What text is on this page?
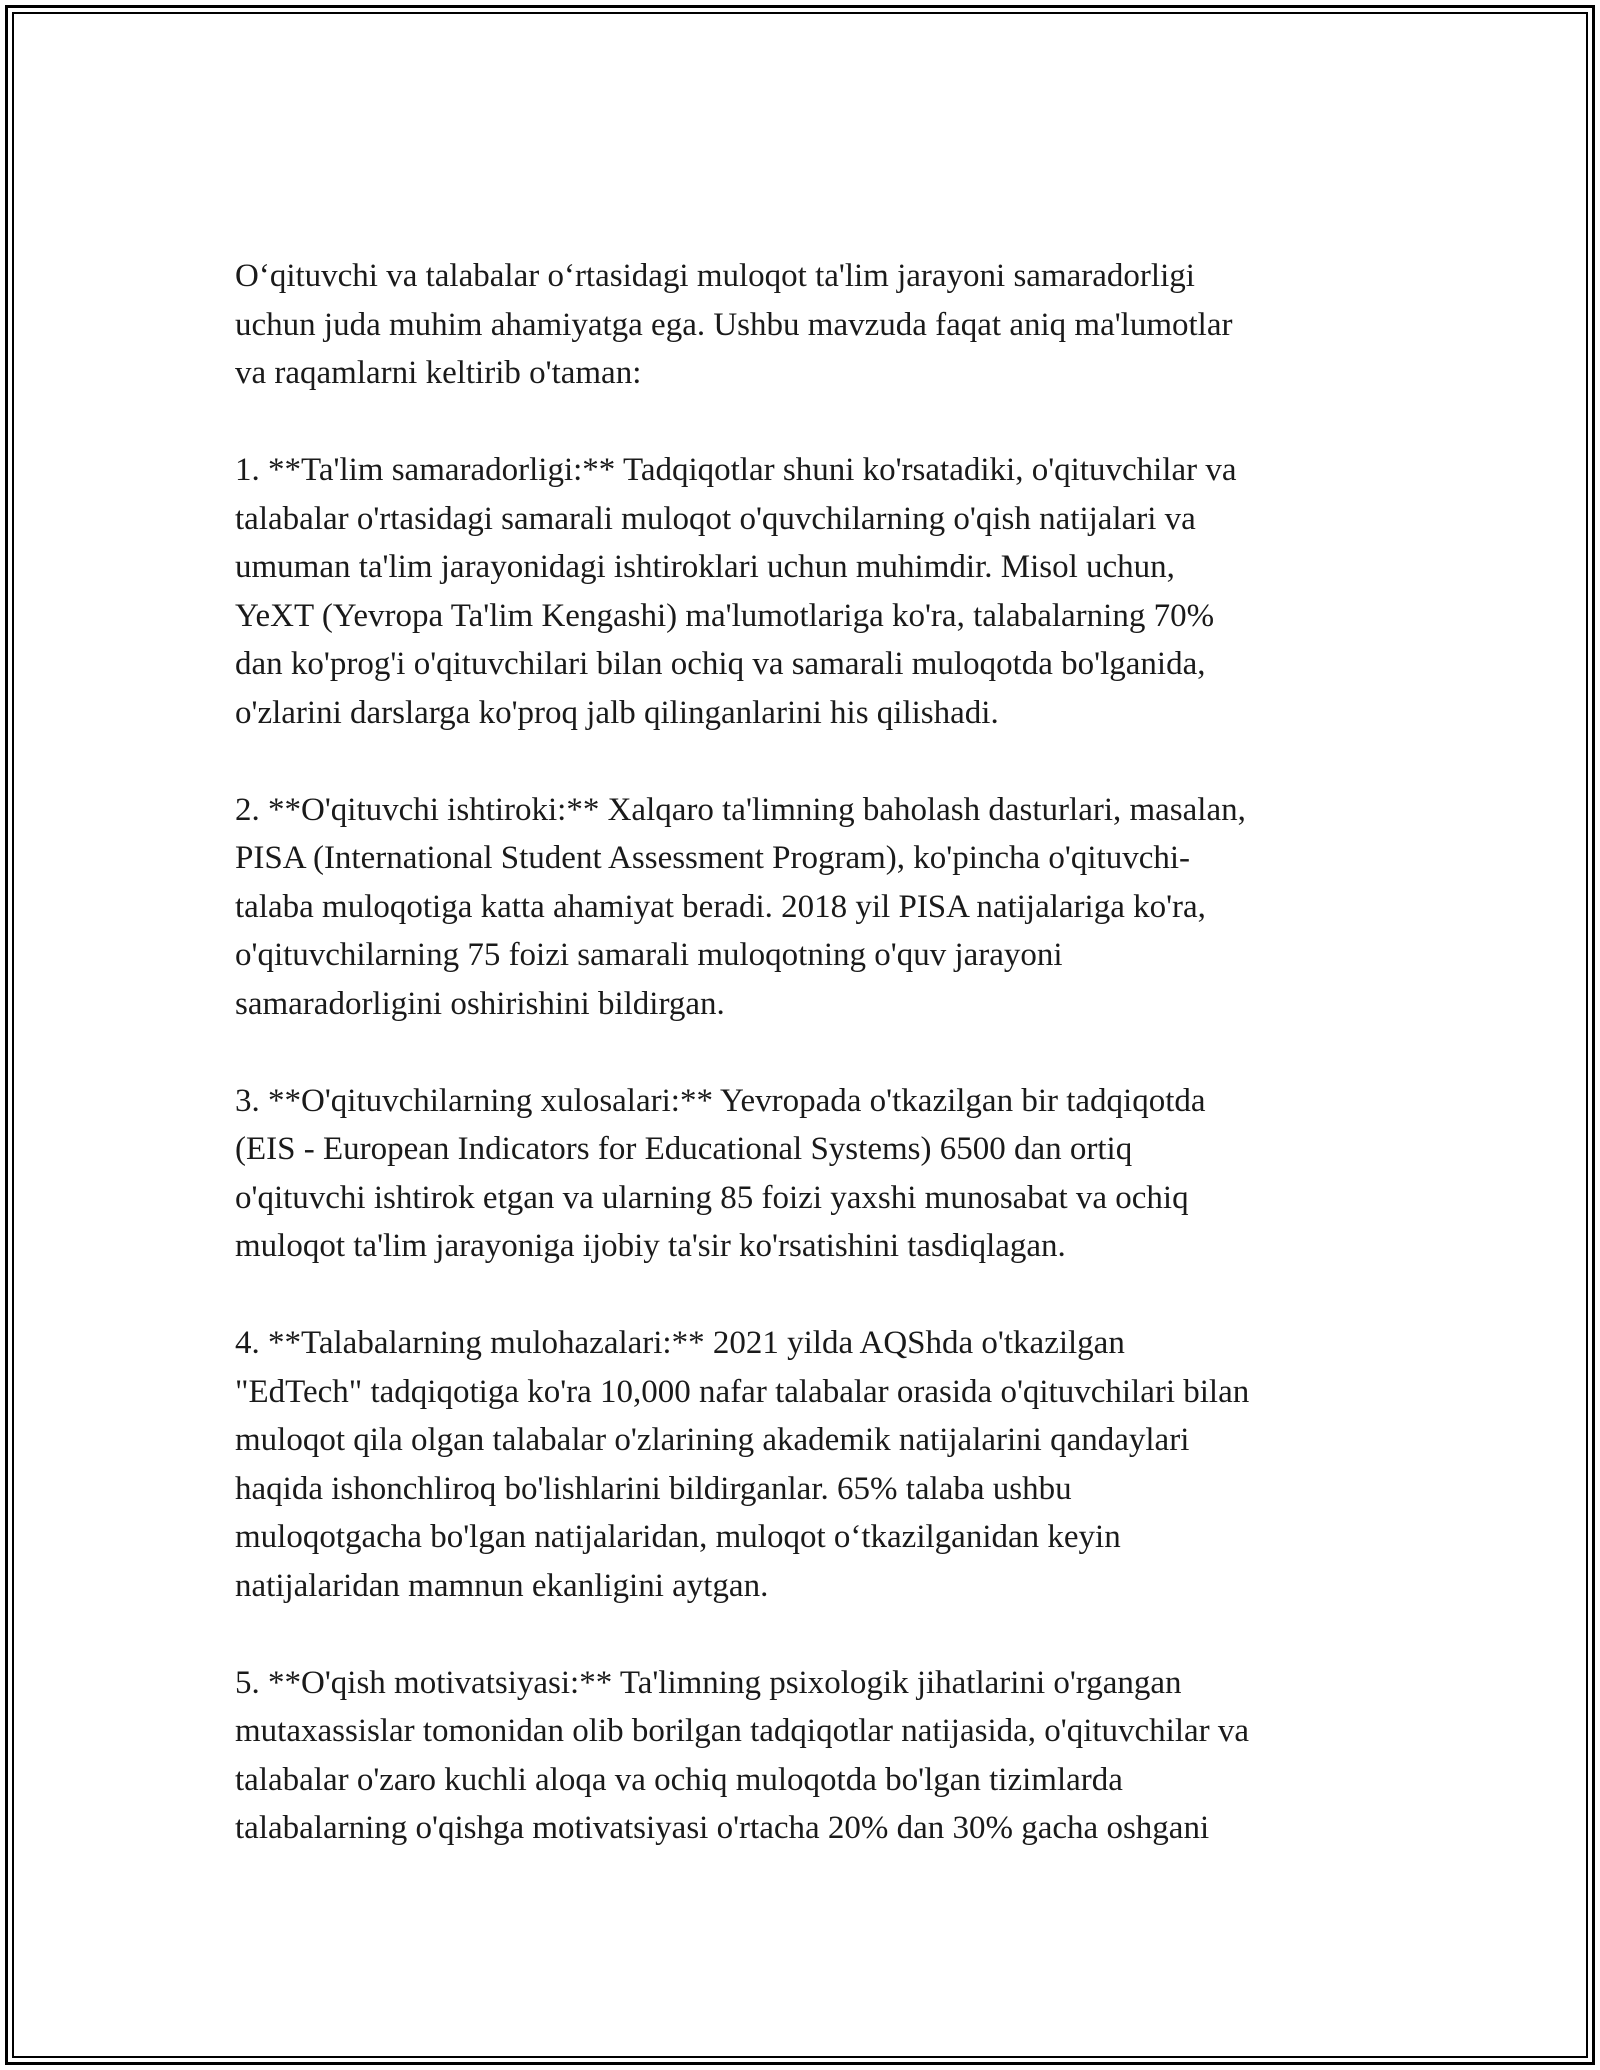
O‘qituvchi va talabalar o‘rtasidagi muloqot ta'lim jarayoni samaradorligi
uchun juda muhim ahamiyatga ega. Ushbu mavzuda faqat aniq ma'lumotlar
va raqamlarni keltirib o'taman:

1. **Ta'lim samaradorligi:** Tadqiqotlar shuni ko'rsatadiki, o'qituvchilar va
talabalar o'rtasidagi samarali muloqot o'quvchilarning o'qish natijalari va
umuman ta'lim jarayonidagi ishtiroklari uchun muhimdir. Misol uchun,
YeXT (Yevropa Ta'lim Kengashi) ma'lumotlariga ko'ra, talabalarning 70%
dan ko'prog'i o'qituvchilari bilan ochiq va samarali muloqotda bo'lganida,
o'zlarini darslarga ko'proq jalb qilinganlarini his qilishadi.

2. **O'qituvchi ishtiroki:** Xalqaro ta'limning baholash dasturlari, masalan,
PISA (International Student Assessment Program), ko'pincha o'qituvchi-
talaba muloqotiga katta ahamiyat beradi. 2018 yil PISA natijalariga ko'ra,
o'qituvchilarning 75 foizi samarali muloqotning o'quv jarayoni
samaradorligini oshirishini bildirgan.

3. **O'qituvchilarning xulosalari:** Yevropada o'tkazilgan bir tadqiqotda
(EIS - European Indicators for Educational Systems) 6500 dan ortiq
o'qituvchi ishtirok etgan va ularning 85 foizi yaxshi munosabat va ochiq
muloqot ta'lim jarayoniga ijobiy ta'sir ko'rsatishini tasdiqlagan.

4. **Talabalarning mulohazalari:** 2021 yilda AQShda o'tkazilgan
"EdTech" tadqiqotiga ko'ra 10,000 nafar talabalar orasida o'qituvchilari bilan
muloqot qila olgan talabalar o'zlarining akademik natijalarini qandaylari
haqida ishonchliroq bo'lishlarini bildirganlar. 65% talaba ushbu
muloqotgacha bo'lgan natijalaridan, muloqot o‘tkazilganidan keyin
natijalaridan mamnun ekanligini aytgan.

5. **O'qish motivatsiyasi:** Ta'limning psixologik jihatlarini o'rgangan
mutaxassislar tomonidan olib borilgan tadqiqotlar natijasida, o'qituvchilar va
talabalar o'zaro kuchli aloqa va ochiq muloqotda bo'lgan tizimlarda
talabalarning o'qishga motivatsiyasi o'rtacha 20% dan 30% gacha oshgani
